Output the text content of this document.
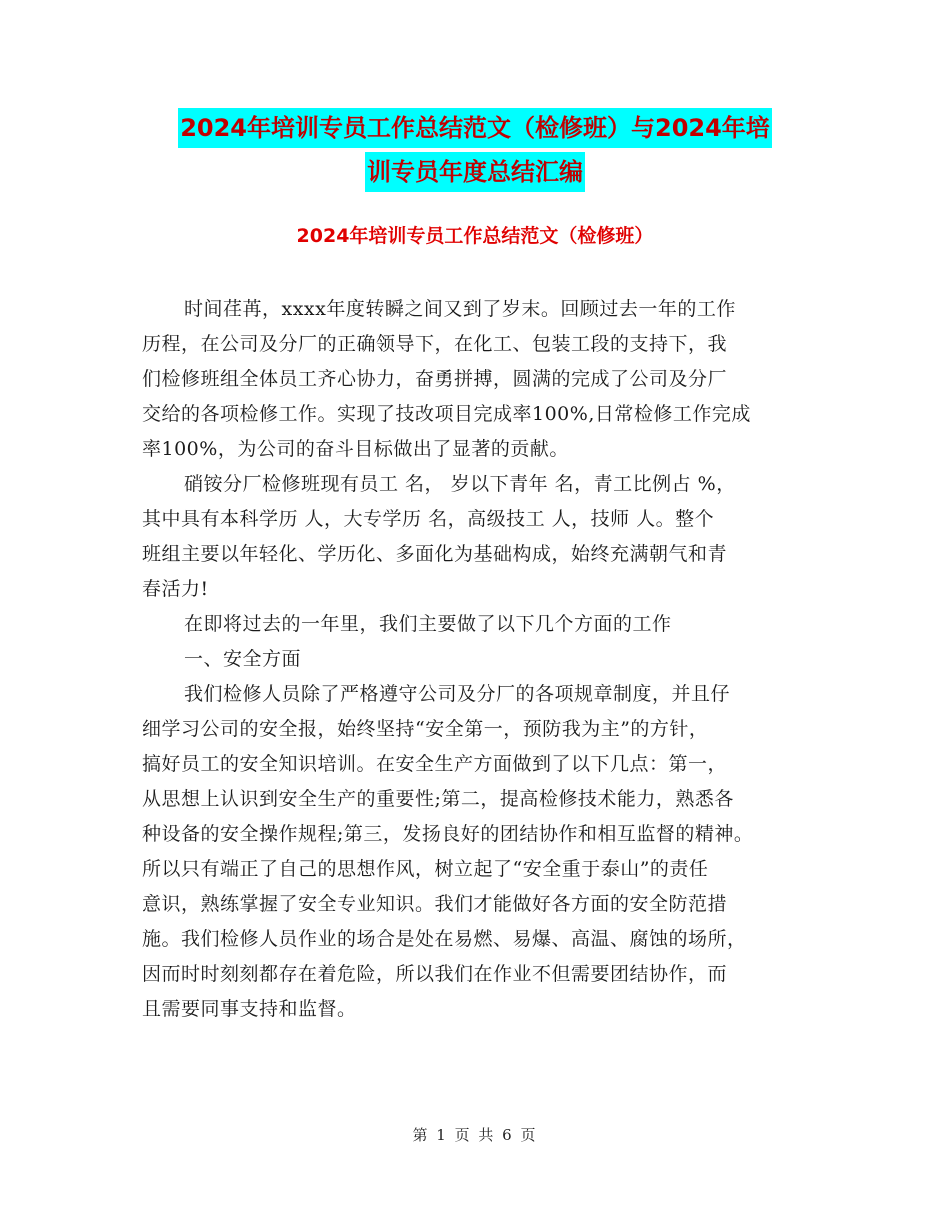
2024年培训专员工作总结范文（检修班）与2024年培
训专员年度总结汇编
2024年培训专员工作总结范文（检修班）
时间荏苒，xxxx年度转瞬之间又到了岁末。回顾过去一年的工作
历程，在公司及分厂的正确领导下，在化工、包装工段的支持下，我
们检修班组全体员工齐心协力，奋勇拼搏，圆满的完成了公司及分厂
交给的各项检修工作。实现了技改项目完成率100%,日常检修工作完成
率100%，为公司的奋斗目标做出了显著的贡献。
硝铵分厂检修班现有员工 名， 岁以下青年 名，青工比例占 %，
其中具有本科学历 人，大专学历 名，高级技工 人，技师 人。整个
班组主要以年轻化、学历化、多面化为基础构成，始终充满朝气和青
春活力!
在即将过去的一年里，我们主要做了以下几个方面的工作
一、安全方面
我们检修人员除了严格遵守公司及分厂的各项规章制度，并且仔
细学习公司的安全报，始终坚持“安全第一，预防我为主”的方针，
搞好员工的安全知识培训。在安全生产方面做到了以下几点：第一，
从思想上认识到安全生产的重要性;第二，提高检修技术能力，熟悉各
种设备的安全操作规程;第三，发扬良好的团结协作和相互监督的精神。
所以只有端正了自己的思想作风，树立起了“安全重于泰山”的责任
意识，熟练掌握了安全专业知识。我们才能做好各方面的安全防范措
施。我们检修人员作业的场合是处在易燃、易爆、高温、腐蚀的场所，
因而时时刻刻都存在着危险，所以我们在作业不但需要团结协作，而
且需要同事支持和监督。
第 1 页 共 6 页
